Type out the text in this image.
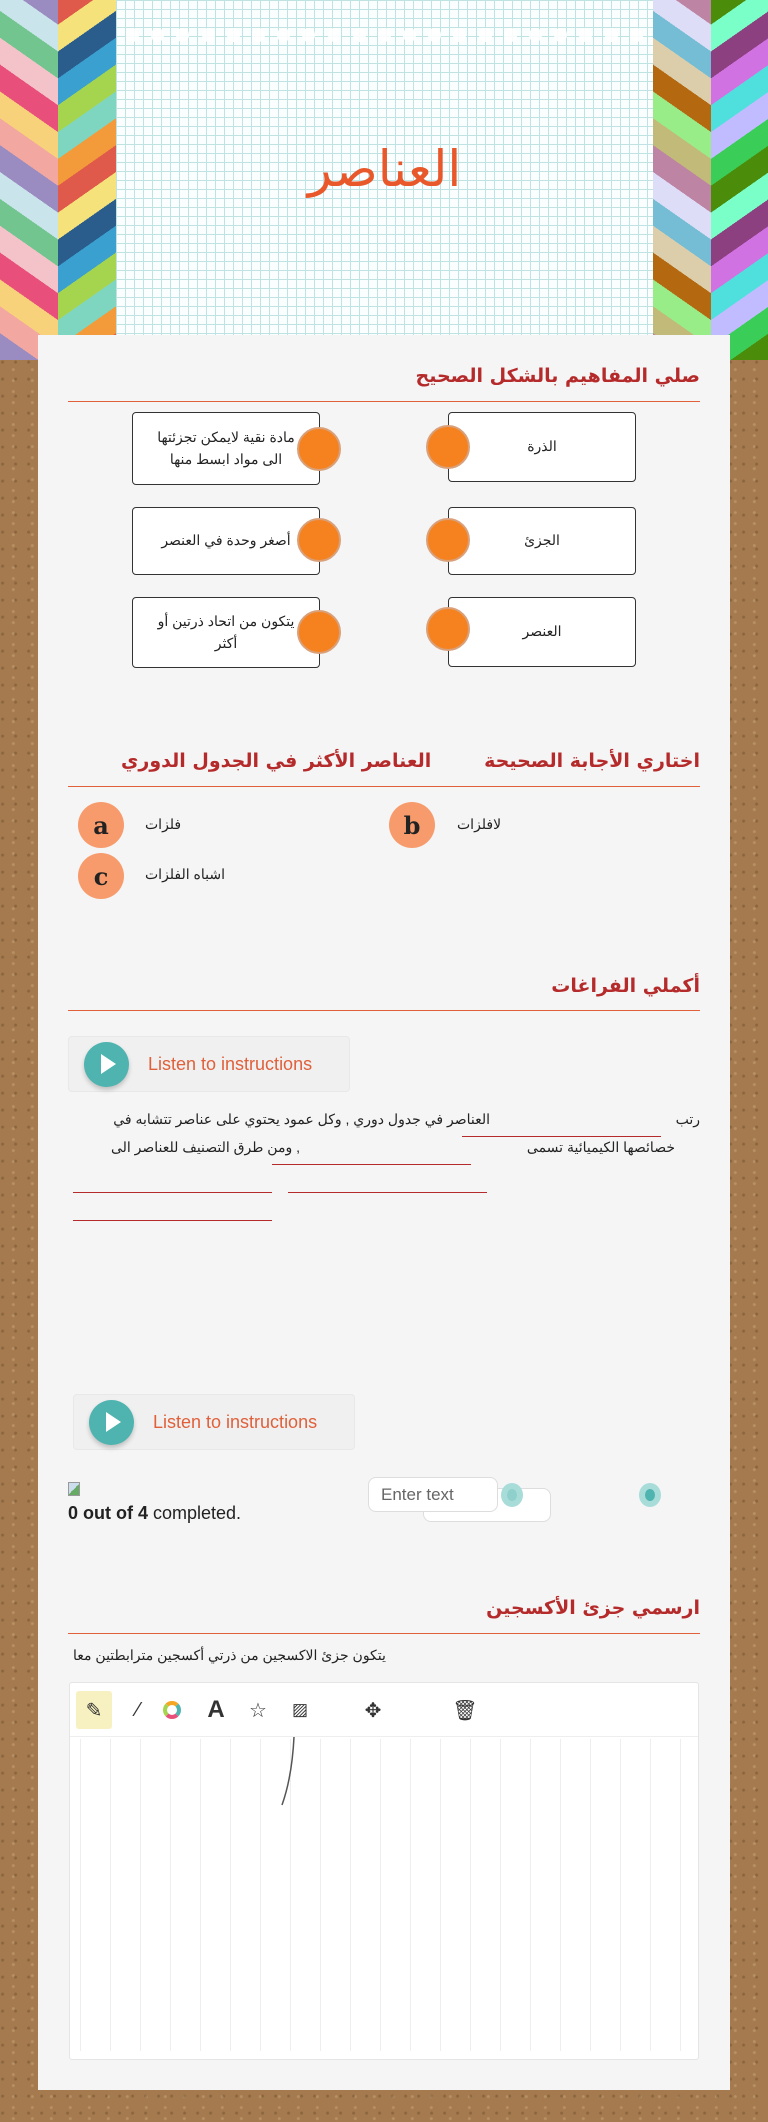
العناصر
صلي المفاهيم بالشكل الصحيح
مادة نقية لايمكن تجزئتها الى مواد ابسط منها
أصغر وحدة في العنصر
يتكون من اتحاد ذرتين أو أكثر
الذرة
الجزئ
العنصر
اختاري الأجابة الصحيحة        العناصر الأكثر في الجدول الدوري
a	فلزات	b	لافلزات
c	اشباه الفلزات
أكملي الفراغات
Listen to instructions
رتب
العناصر في جدول دوري , وكل عمود يحتوي على عناصر تتشابه في
خصائصها الكيميائية تسمى
, ومن طرق التصنيف للعناصر الى
Listen to instructions
0 out of 4 completed.
Enter text
ارسمي جزئ الأكسجين
يتكون جزئ الاكسجين من ذرتي أكسجين مترابطتين معا
✎	⁄	A	☆	▨	✥	🗑
